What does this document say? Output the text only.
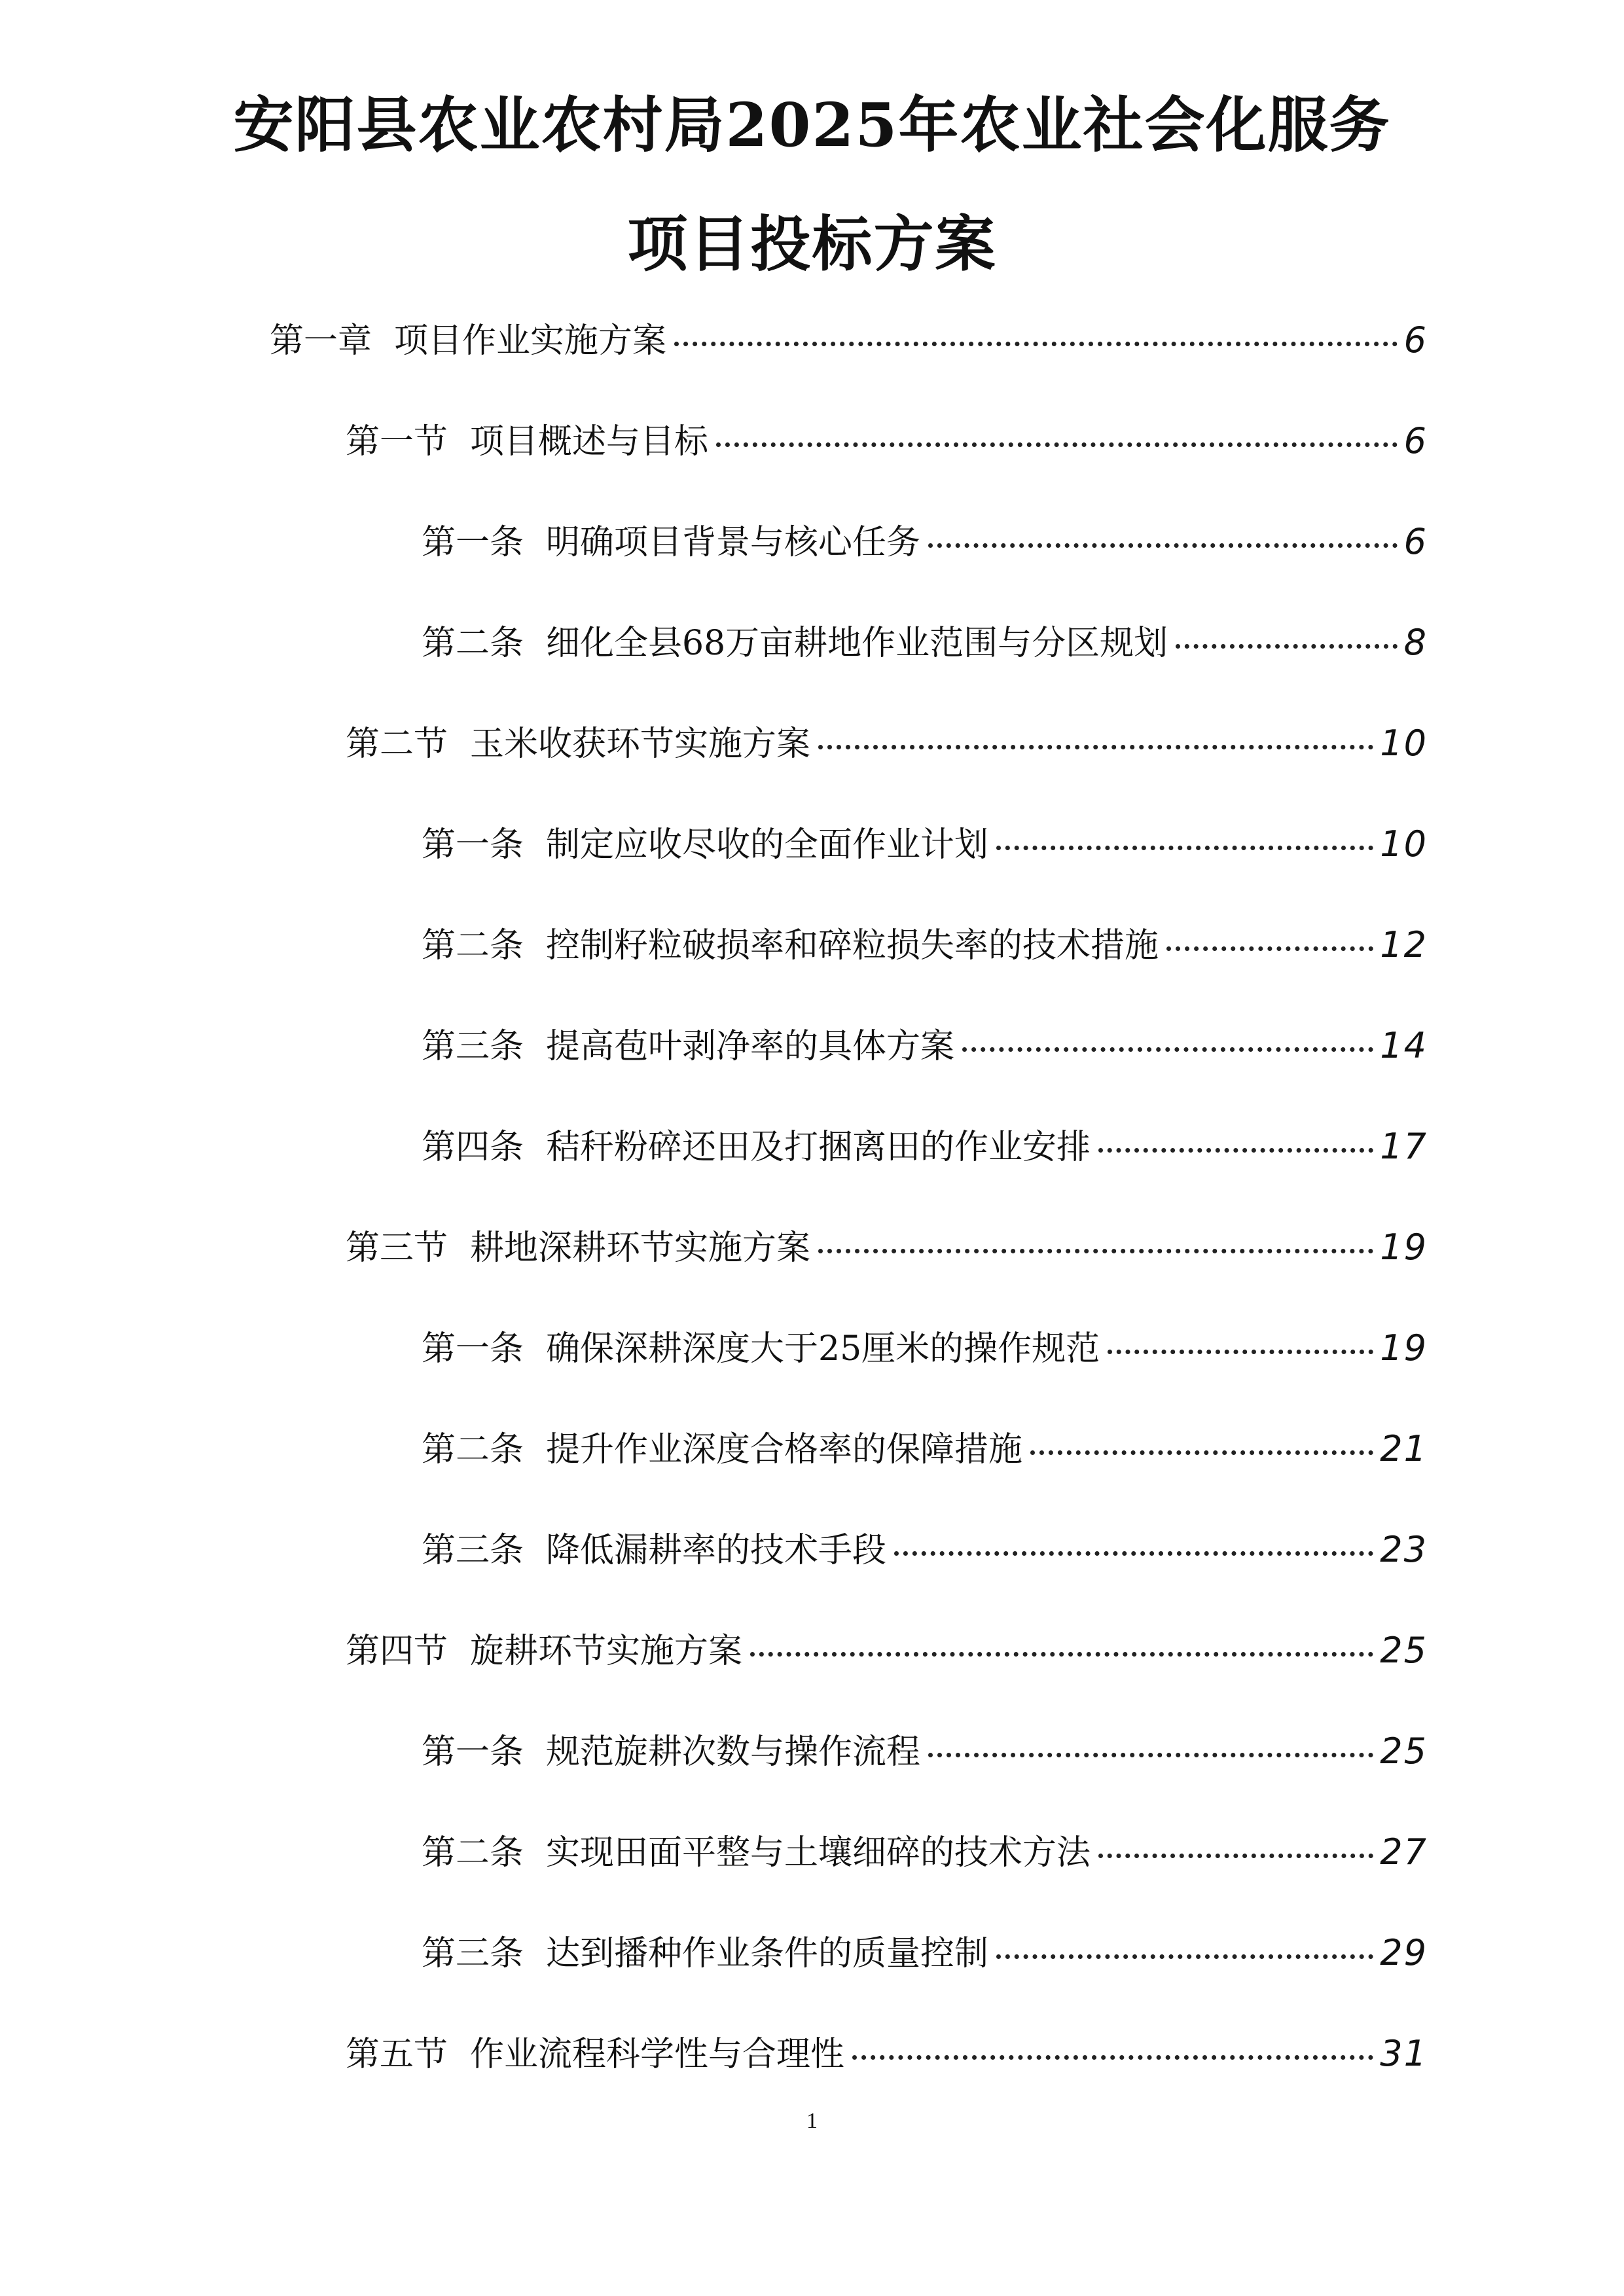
安阳县农业农村局2025年农业社会化服务
项目投标方案
第一章 项目作业实施方案	6
第一节 项目概述与目标	6
第一条 明确项目背景与核心任务	6
第二条 细化全县68万亩耕地作业范围与分区规划	8
第二节 玉米收获环节实施方案	10
第一条 制定应收尽收的全面作业计划	10
第二条 控制籽粒破损率和碎粒损失率的技术措施	12
第三条 提高苞叶剥净率的具体方案	14
第四条 秸秆粉碎还田及打捆离田的作业安排	17
第三节 耕地深耕环节实施方案	19
第一条 确保深耕深度大于25厘米的操作规范	19
第二条 提升作业深度合格率的保障措施	21
第三条 降低漏耕率的技术手段	23
第四节 旋耕环节实施方案	25
第一条 规范旋耕次数与操作流程	25
第二条 实现田面平整与土壤细碎的技术方法	27
第三条 达到播种作业条件的质量控制	29
第五节 作业流程科学性与合理性	31
1
